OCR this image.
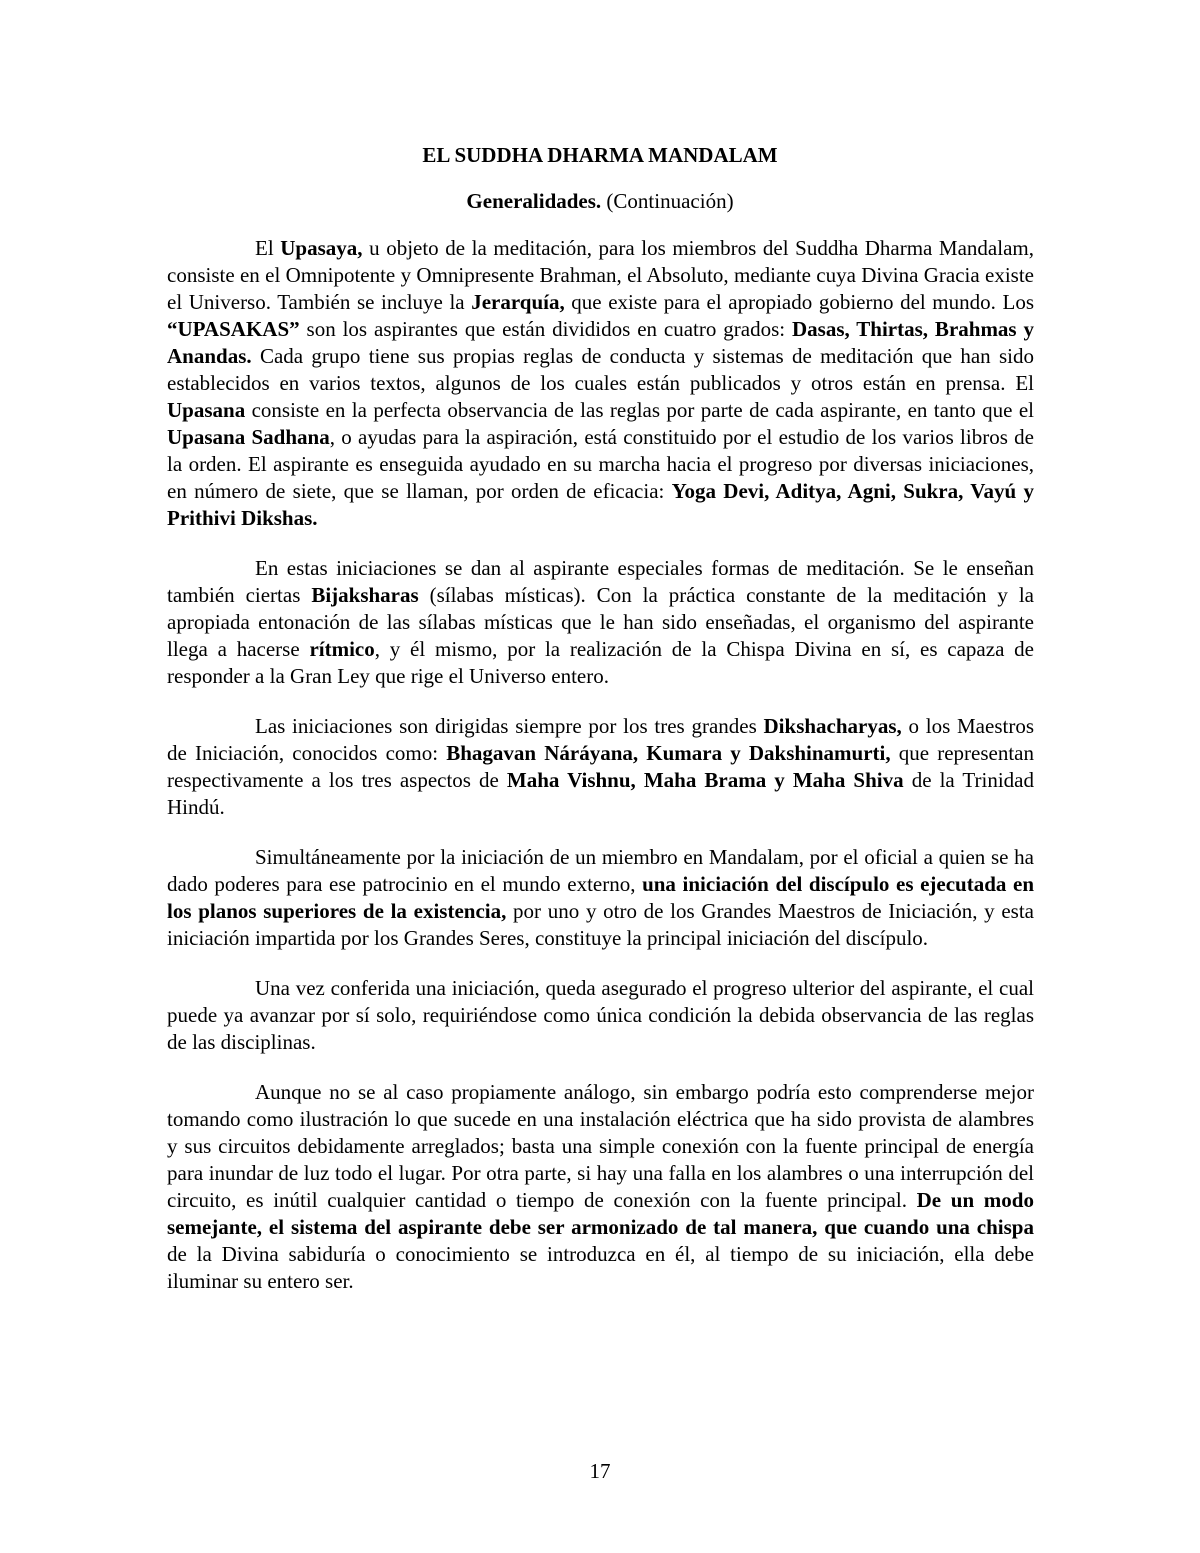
EL SUDDHA DHARMA MANDALAM
Generalidades. (Continuación)

El Upasaya, u objeto de la meditación, para los miembros del Suddha Dharma Mandalam, consiste en el Omnipotente y Omnipresente Brahman, el Absoluto, mediante cuya Divina Gracia existe el Universo. También se incluye la Jerarquía, que existe para el apropiado gobierno del mundo. Los “UPASAKAS” son los aspirantes que están divididos en cuatro grados: Dasas, Thirtas, Brahmas y Anandas. Cada grupo tiene sus propias reglas de conducta y sistemas de meditación que han sido establecidos en varios textos, algunos de los cuales están publicados y otros están en prensa. El Upasana consiste en la perfecta observancia de las reglas por parte de cada aspirante, en tanto que el Upasana Sadhana, o ayudas para la aspiración, está constituido por el estudio de los varios libros de la orden. El aspirante es enseguida ayudado en su marcha hacia el progreso por diversas iniciaciones, en número de siete, que se llaman, por orden de eficacia: Yoga Devi, Aditya, Agni, Sukra, Vayú y Prithivi Dikshas.

En estas iniciaciones se dan al aspirante especiales formas de meditación. Se le enseñan también ciertas Bijaksharas (sílabas místicas). Con la práctica constante de la meditación y la apropiada entonación de las sílabas místicas que le han sido enseñadas, el organismo del aspirante llega a hacerse rítmico, y él mismo, por la realización de la Chispa Divina en sí, es capaza de responder a la Gran Ley que rige el Universo entero.

Las iniciaciones son dirigidas siempre por los tres grandes Dikshacharyas, o los Maestros de Iniciación, conocidos como: Bhagavan Náráyana, Kumara y Dakshinamurti, que representan respectivamente a los tres aspectos de Maha Vishnu, Maha Brama y Maha Shiva de la Trinidad Hindú.

Simultáneamente por la iniciación de un miembro en Mandalam, por el oficial a quien se ha dado poderes para ese patrocinio en el mundo externo, una iniciación del discípulo es ejecutada en los planos superiores de la existencia, por uno y otro de los Grandes Maestros de Iniciación, y esta iniciación impartida por los Grandes Seres, constituye la principal iniciación del discípulo.

Una vez conferida una iniciación, queda asegurado el progreso ulterior del aspirante, el cual puede ya avanzar por sí solo, requiriéndose como única condición la debida observancia de las reglas de las disciplinas.

Aunque no se al caso propiamente análogo, sin embargo podría esto comprenderse mejor tomando como ilustración lo que sucede en una instalación eléctrica que ha sido provista de alambres y sus circuitos debidamente arreglados; basta una simple conexión con la fuente principal de energía para inundar de luz todo el lugar. Por otra parte, si hay una falla en los alambres o una interrupción del circuito, es inútil cualquier cantidad o tiempo de conexión con la fuente principal. De un modo semejante, el sistema del aspirante debe ser armonizado de tal manera, que cuando una chispa de la Divina sabiduría o conocimiento se introduzca en él, al tiempo de su iniciación, ella debe iluminar su entero ser.

17
